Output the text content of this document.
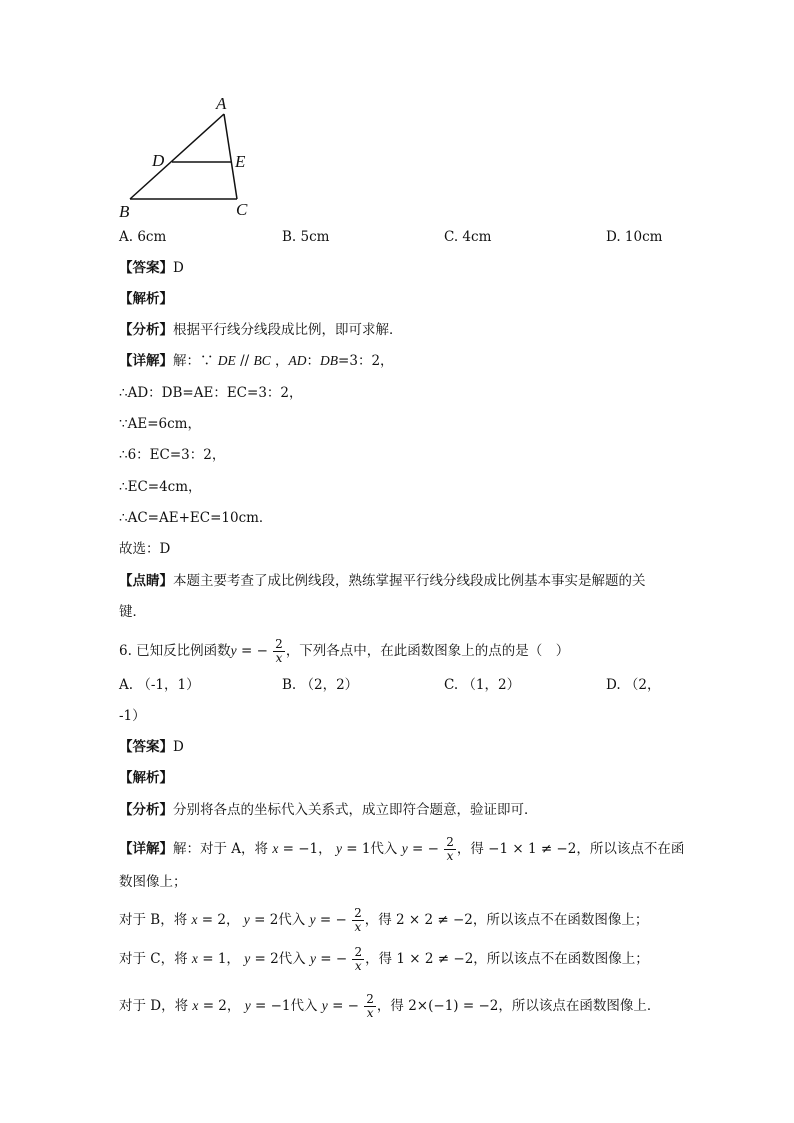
A
D	E
B	C
A. 6cm	B. 5cm	C. 4cm	D. 10cm
【答案】D
【解析】
【分析】根据平行线分线段成比例，即可求解．
【详解】解：∵ DE // BC ，AD：DB=3：2，
∴AD：DB=AE：EC=3：2，
∵AE=6cm，
∴6：EC=3：2，
∴EC=4cm，
∴AC=AE+EC=10cm．
故选：D
【点睛】本题主要考查了成比例线段，熟练掌握平行线分线段成比例基本事实是解题的关
键．
6. 已知反比例函数y = − $\frac{2}{x}$ ，下列各点中，在此函数图象上的点的是（　）
A. （-1，1）	B. （2，2）	C. （1，2）	D. （2，
-1）
【答案】D
【解析】
【分析】分别将各点的坐标代入关系式，成立即符合题意，验证即可．
【详解】解：对于 A，将 x = −1， y = 1代入 y = − $\frac{2}{x}$ ，得 −1 × 1 ≠ −2，所以该点不在函
数图像上；
对于 B，将 x = 2， y = 2代入 y = − $\frac{2}{x}$ ，得 2 × 2 ≠ −2，所以该点不在函数图像上；
对于 C，将 x = 1， y = 2代入 y = − $\frac{2}{x}$ ，得 1 × 2 ≠ −2，所以该点不在函数图像上；
对于 D，将 x = 2， y = −1代入 y = − $\frac{2}{x}$ ，得 2×(−1) = −2，所以该点在函数图像上．
